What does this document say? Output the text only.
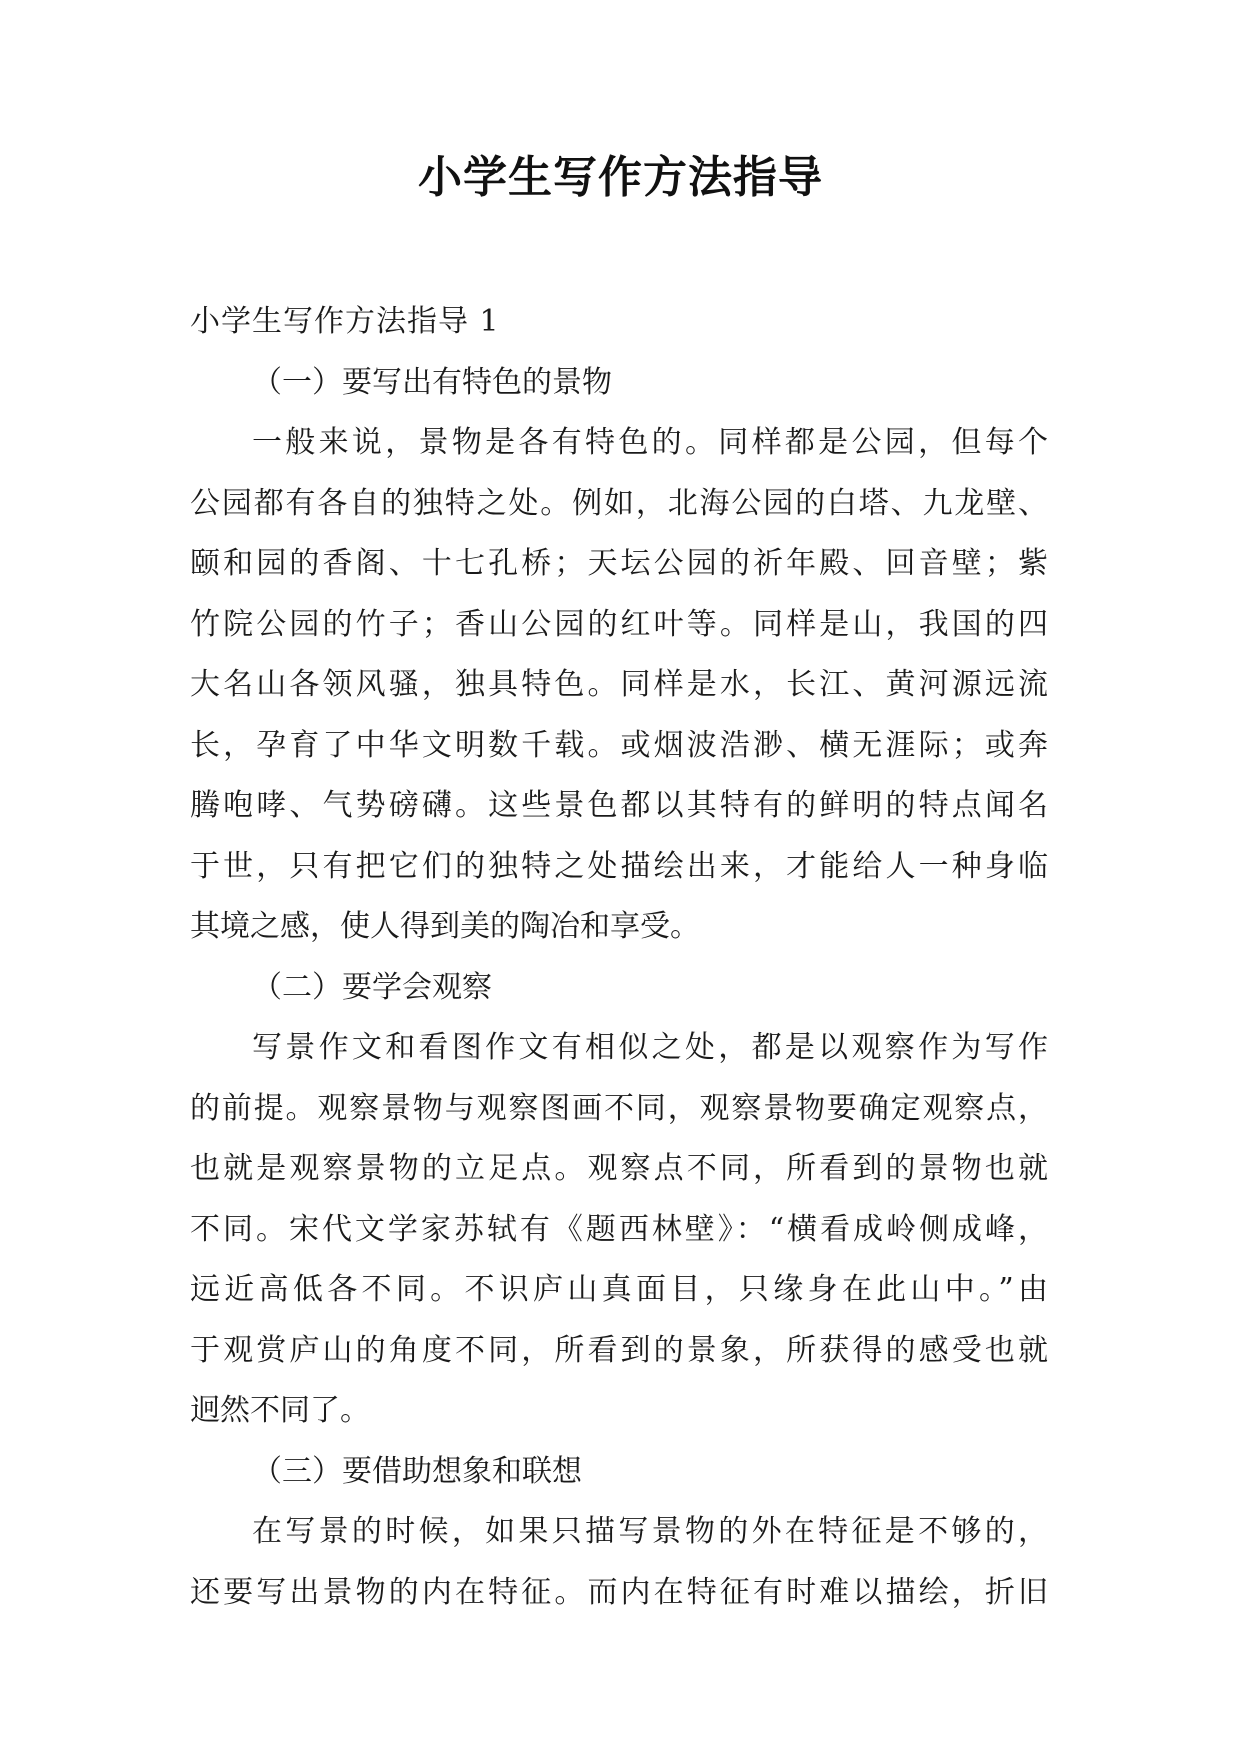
小学生写作方法指导
小学生写作方法指导 1
（一）要写出有特色的景物

一般来说，景物是各有特色的。同样都是公园，但每个
公园都有各自的独特之处。例如，北海公园的白塔、九龙壁、
颐和园的香阁、十七孔桥；天坛公园的祈年殿、回音壁；紫
竹院公园的竹子；香山公园的红叶等。同样是山，我国的四
大名山各领风骚，独具特色。同样是水，长江、黄河源远流
长，孕育了中华文明数千载。或烟波浩渺、横无涯际；或奔
腾咆哮、气势磅礴。这些景色都以其特有的鲜明的特点闻名
于世，只有把它们的独特之处描绘出来，才能给人一种身临
其境之感，使人得到美的陶冶和享受。

（二）要学会观察

写景作文和看图作文有相似之处，都是以观察作为写作
的前提。观察景物与观察图画不同，观察景物要确定观察点，
也就是观察景物的立足点。观察点不同，所看到的景物也就
不同。宋代文学家苏轼有《题西林壁》：“横看成岭侧成峰，
远近高低各不同。不识庐山真面目，只缘身在此山中。”由
于观赏庐山的角度不同，所看到的景象，所获得的感受也就
迥然不同了。

（三）要借助想象和联想

在写景的时候，如果只描写景物的外在特征是不够的，
还要写出景物的内在特征。而内在特征有时难以描绘，折旧
